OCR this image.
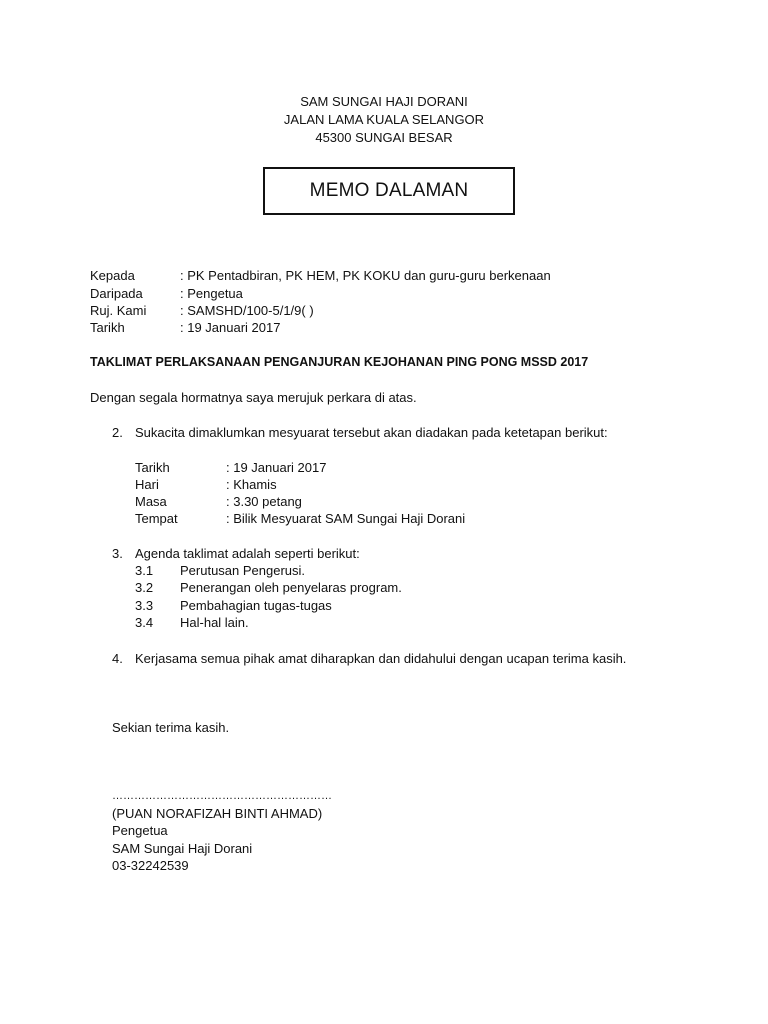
SAM SUNGAI HAJI DORANI
JALAN LAMA KUALA SELANGOR
45300 SUNGAI BESAR
MEMO DALAMAN
Kepada	: PK Pentadbiran, PK HEM, PK KOKU dan guru-guru berkenaan
Daripada	: Pengetua
Ruj. Kami	: SAMSHD/100-5/1/9( )
Tarikh	: 19 Januari 2017
TAKLIMAT PERLAKSANAAN PENGANJURAN KEJOHANAN PING PONG MSSD 2017
Dengan segala hormatnya saya merujuk perkara di atas.
2. Sukacita dimaklumkan mesyuarat tersebut akan diadakan pada ketetapan berikut:
Tarikh	: 19 Januari 2017
Hari	: Khamis
Masa	: 3.30 petang
Tempat	: Bilik Mesyuarat SAM Sungai Haji Dorani
3. Agenda taklimat adalah seperti berikut:
3.1 Perutusan Pengerusi.
3.2 Penerangan oleh penyelaras program.
3.3 Pembahagian tugas-tugas
3.4 Hal-hal lain.
4. Kerjasama semua pihak amat diharapkan dan didahului dengan ucapan terima kasih.
Sekian terima kasih.
……………………………………………………
(PUAN NORAFIZAH BINTI AHMAD)
Pengetua
SAM Sungai Haji Dorani
03-32242539
